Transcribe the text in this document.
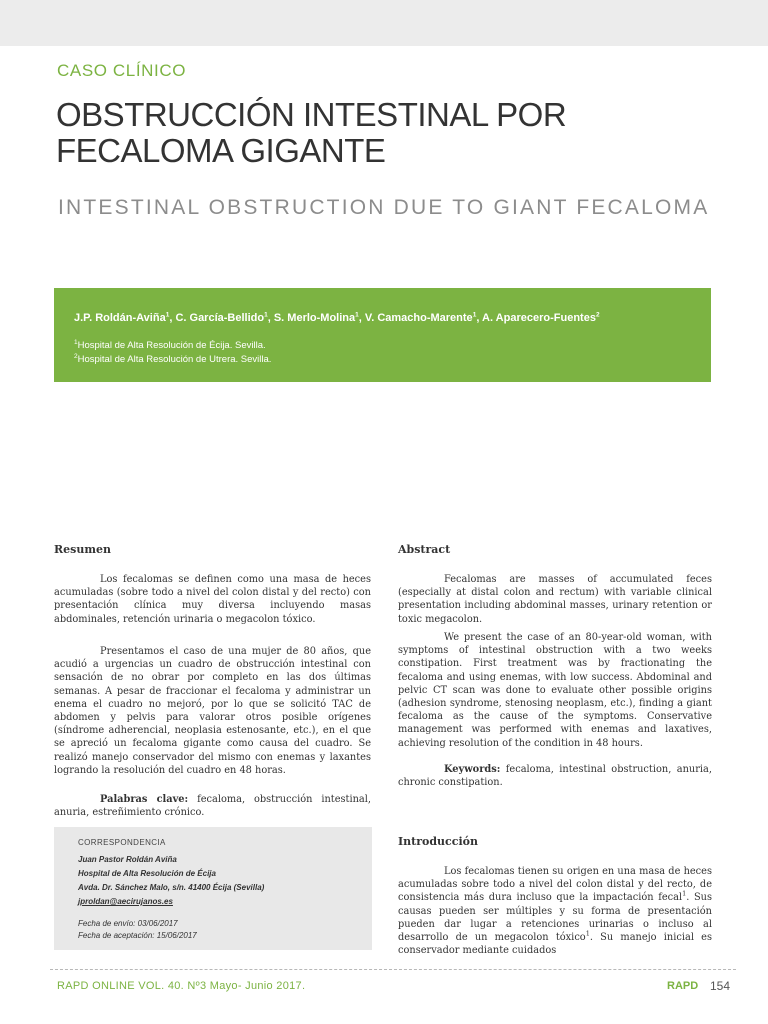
CASO CLÍNICO
OBSTRUCCIÓN INTESTINAL POR
FECALOMA GIGANTE
INTESTINAL OBSTRUCTION DUE TO GIANT FECALOMA
J.P. Roldán-Aviña$^1$, C. García-Bellido$^1$, S. Merlo-Molina$^1$, V. Camacho-Marente$^1$, A. Aparecero-Fuentes$^2$
$^1$Hospital de Alta Resolución de Écija. Sevilla.
$^2$Hospital de Alta Resolución de Utrera. Sevilla.
Resumen
Los fecalomas se definen como una masa de heces acumuladas (sobre todo a nivel del colon distal y del recto) con presentación clínica muy diversa incluyendo masas abdominales, retención urinaria o megacolon tóxico.
Presentamos el caso de una mujer de 80 años, que acudió a urgencias un cuadro de obstrucción intestinal con sensación de no obrar por completo en las dos últimas semanas. A pesar de fraccionar el fecaloma y administrar un enema el cuadro no mejoró, por lo que se solicitó TAC de abdomen y pelvis para valorar otros posible orígenes (síndrome adherencial, neoplasia estenosante, etc.), en el que se apreció un fecaloma gigante como causa del cuadro. Se realizó manejo conservador del mismo con enemas y laxantes logrando la resolución del cuadro en 48 horas.
Palabras clave: fecaloma, obstrucción intestinal, anuria, estreñimiento crónico.
CORRESPONDENCIA
Juan Pastor Roldán Aviña
Hospital de Alta Resolución de Écija
Avda. Dr. Sánchez Malo, s/n. 41400 Écija (Sevilla)
jproldan@aecirujanos.es
Fecha de envío: 03/06/2017
Fecha de aceptación: 15/06/2017
Abstract
Fecalomas are masses of accumulated feces (especially at distal colon and rectum) with variable clinical presentation including abdominal masses, urinary retention or toxic megacolon.
We present the case of an 80-year-old woman, with symptoms of intestinal obstruction with a two weeks constipation. First treatment was by fractionating the fecaloma and using enemas, with low success. Abdominal and pelvic CT scan was done to evaluate other possible origins (adhesion syndrome, stenosing neoplasm, etc.), finding a giant fecaloma as the cause of the symptoms. Conservative management was performed with enemas and laxatives, achieving resolution of the condition in 48 hours.
Keywords: fecaloma, intestinal obstruction, anuria, chronic constipation.
Introducción
Los fecalomas tienen su origen en una masa de heces acumuladas sobre todo a nivel del colon distal y del recto, de consistencia más dura incluso que la impactación fecal$^1$. Sus causas pueden ser múltiples y su forma de presentación pueden dar lugar a retenciones urinarias o incluso al desarrollo de un megacolon tóxico$^1$. Su manejo inicial es conservador mediante cuidados
RAPD ONLINE VOL. 40. Nº3 Mayo- Junio 2017.	RAPD 154
